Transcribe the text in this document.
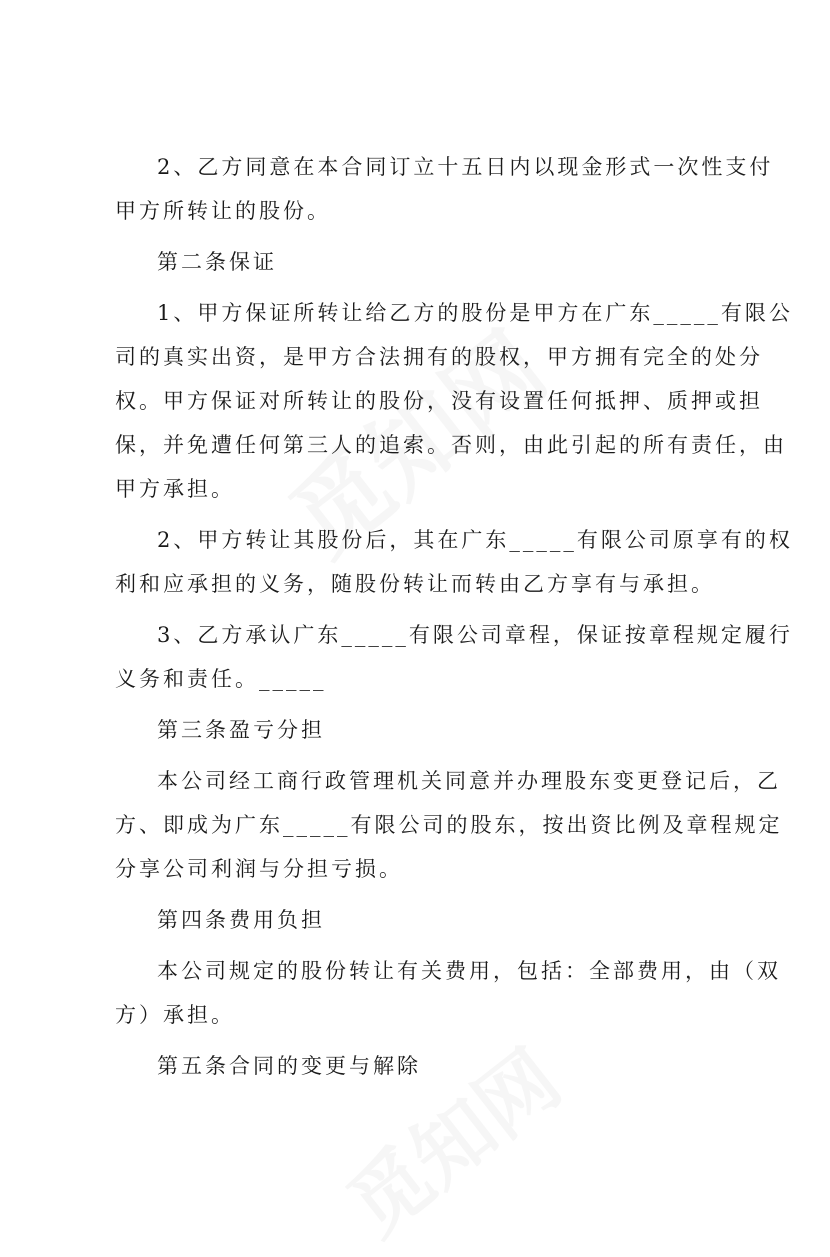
2、乙方同意在本合同订立十五日内以现金形式一次性支付
甲方所转让的股份。
第二条保证
1、甲方保证所转让给乙方的股份是甲方在广东_____有限公
司的真实出资，是甲方合法拥有的股权，甲方拥有完全的处分
权。甲方保证对所转让的股份，没有设置任何抵押、质押或担
保，并免遭任何第三人的追索。否则，由此引起的所有责任，由
甲方承担。
2、甲方转让其股份后，其在广东_____有限公司原享有的权
利和应承担的义务，随股份转让而转由乙方享有与承担。
3、乙方承认广东_____有限公司章程，保证按章程规定履行
义务和责任。_____
第三条盈亏分担
本公司经工商行政管理机关同意并办理股东变更登记后，乙
方、即成为广东_____有限公司的股东，按出资比例及章程规定
分享公司利润与分担亏损。
第四条费用负担
本公司规定的股份转让有关费用，包括：全部费用，由（双
方）承担。
第五条合同的变更与解除
